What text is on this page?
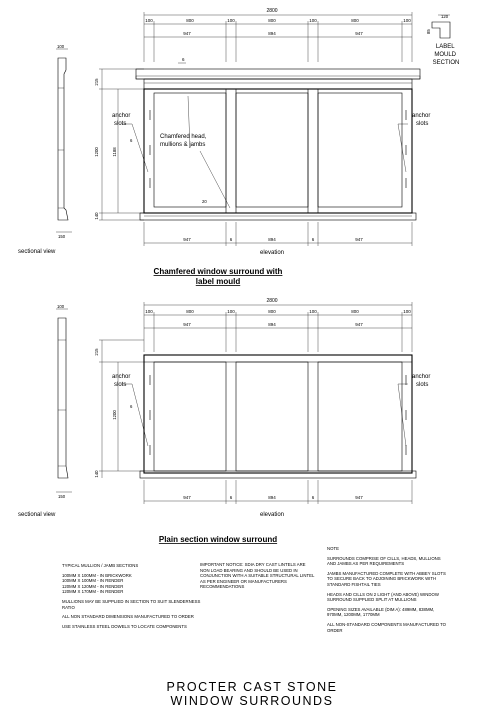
2800
100	800	100	800	100	800	100
947	894	947
6
215
1200	1188
140
6
20
anchor slots
anchor slots
Chamfered head,
mullions & jambs
947	6	894	6	947
elevation
100
150
sectional view
120
85
LABEL MOULD SECTION
Chamfered window surround with
label mould
2800
100	800	100	800	100	800	100
947	894	947
anchor slots
anchor slots
6
215
1200
140
947	6	894	6	947
elevation
100
150
sectional view
Plain section window surround

TYPICAL MULLION / JAMB SECTIONS

100MM X 100MM - IN BRICKWORK
100MM X 100MM - IN RENDER
120MM X 120MM - IN RENDER
120MM X 170MM - IN RENDER

MULLIONS MAY BE SUPPLIED IN SECTION TO SUIT SLENDERNESS RATIO

ALL NON STANDARD DIMENSIONS MANUFACTURED TO ORDER

USE STAINLESS STEEL DOWELS TO LOCATE COMPONENTS

IMPORTANT NOTICE: SDIA DRY CAST LINTELS ARE NON LOAD BEARING AND SHOULD BE USED IN CONJUNCTION WITH A SUITABLE STRUCTURAL LINTEL AS PER ENGINEER OR MANUFACTURERS RECOMMENDATIONS

NOTE

SURROUNDS COMPRISE OF CILLS, HEADS, MULLIONS AND JAMBS AS PER REQUIREMENTS

JAMBS MANUFACTURED COMPLETE WITH ABBEY SLOTS TO SECURE BACK TO ADJOINING BRICKWORK WITH STANDARD FISHTAIL TIES

HEADS AND CILLS ON 2 LIGHT (AND ABOVE) WINDOW SURROUND SUPPLIED SPLIT AT MULLIONS

OPENING SIZES AVAILABLE (DIM A): 489MM, 838MM, 970MM, 1200MM, 1770MM

ALL NON-STANDARD COMPONENTS MANUFACTURED TO ORDER

PROCTER CAST STONE
WINDOW SURROUNDS
